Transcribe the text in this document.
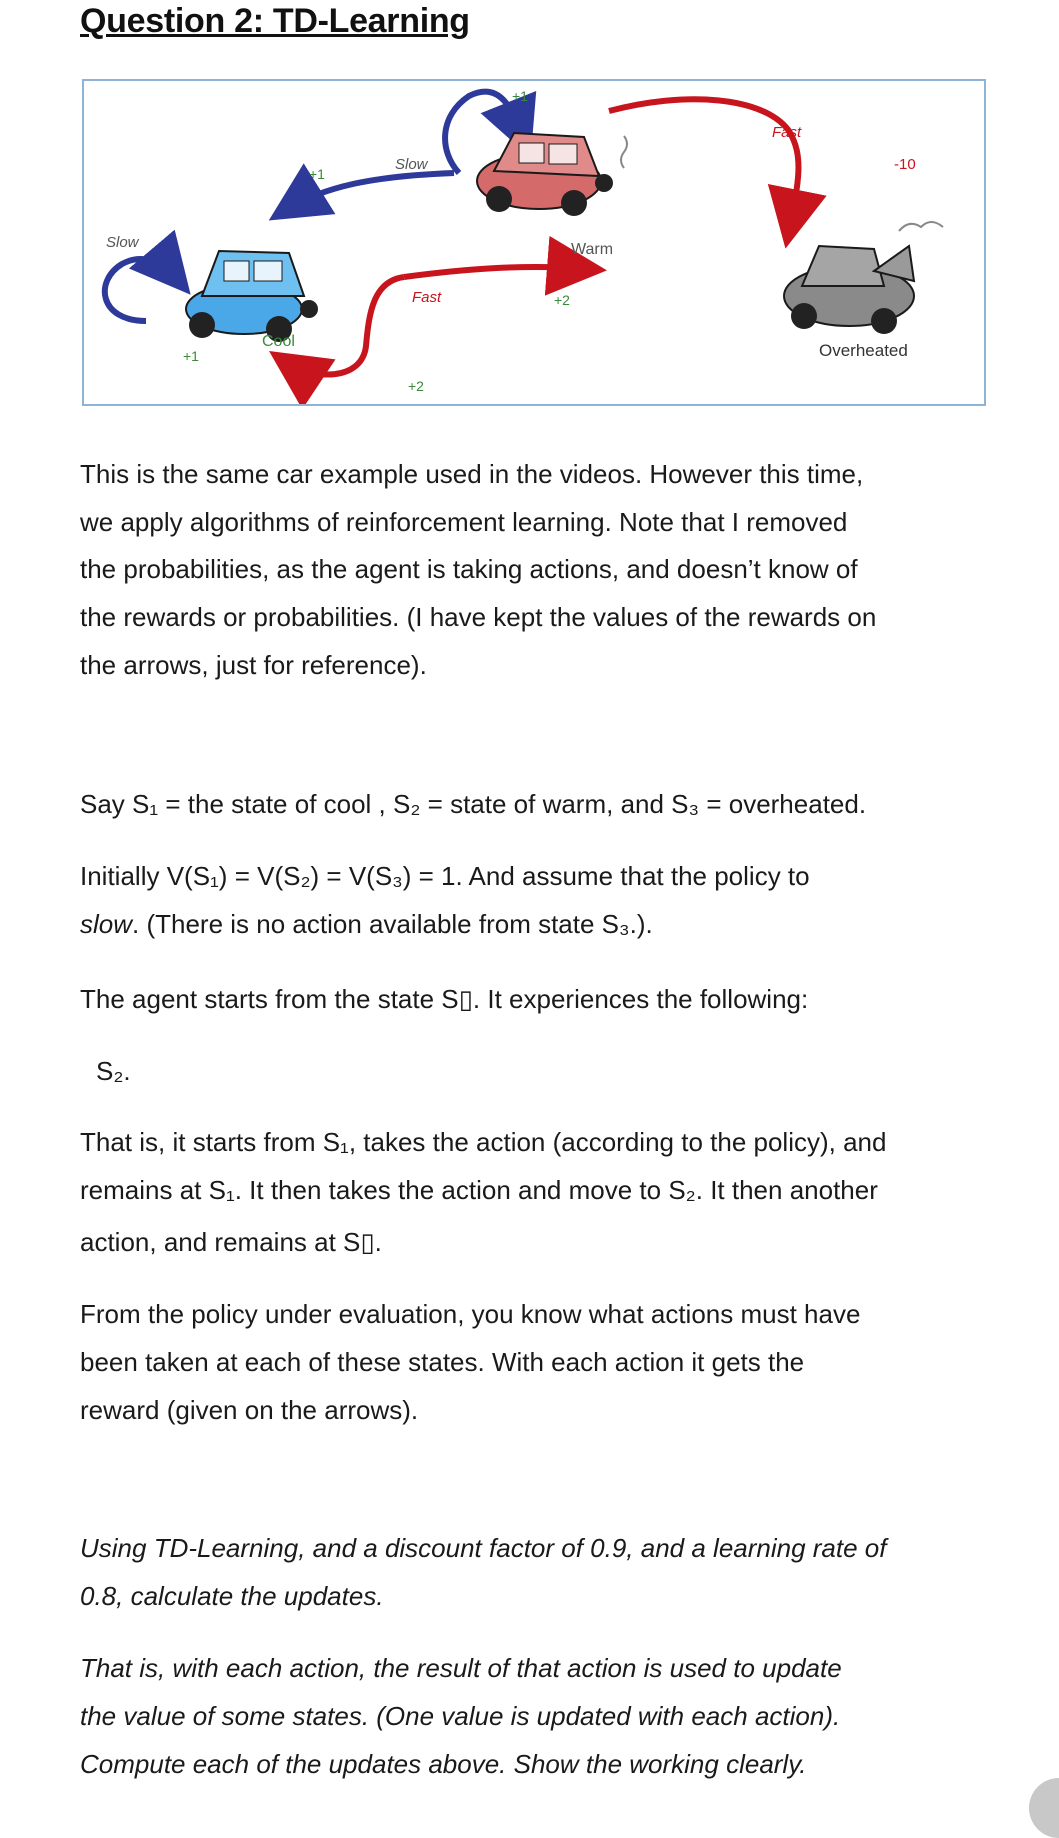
Question 2: TD-Learning
Slow
+1
Cool
+1
Slow
+1
Warm
Fast
+2
+2
Fast
-10
Overheated

This is the same car example used in the videos. However this time,

we apply algorithms of reinforcement learning. Note that I removed

the probabilities, as the agent is taking actions, and doesn’t know of

the rewards or probabilities. (I have kept the values of the rewards on

the arrows, just for reference).

Say S₁ = the state of cool , S₂ = state of warm, and S₃ = overheated.

Initially V(S₁) = V(S₂) = V(S₃) = 1. And assume that the policy to

slow. (There is no action available from state S₃.).

The agent starts from the state S▯. It experiences the following:

S₂.

That is, it starts from S₁, takes the action (according to the policy), and

remains at S₁. It then takes the action and move to S₂. It then another

action, and remains at S▯.

From the policy under evaluation, you know what actions must have

been taken at each of these states. With each action it gets the

reward (given on the arrows).

Using TD-Learning, and a discount factor of 0.9, and a learning rate of

0.8, calculate the updates.

That is, with each action, the result of that action is used to update

the value of some states. (One value is updated with each action).

Compute each of the updates above. Show the working clearly.
